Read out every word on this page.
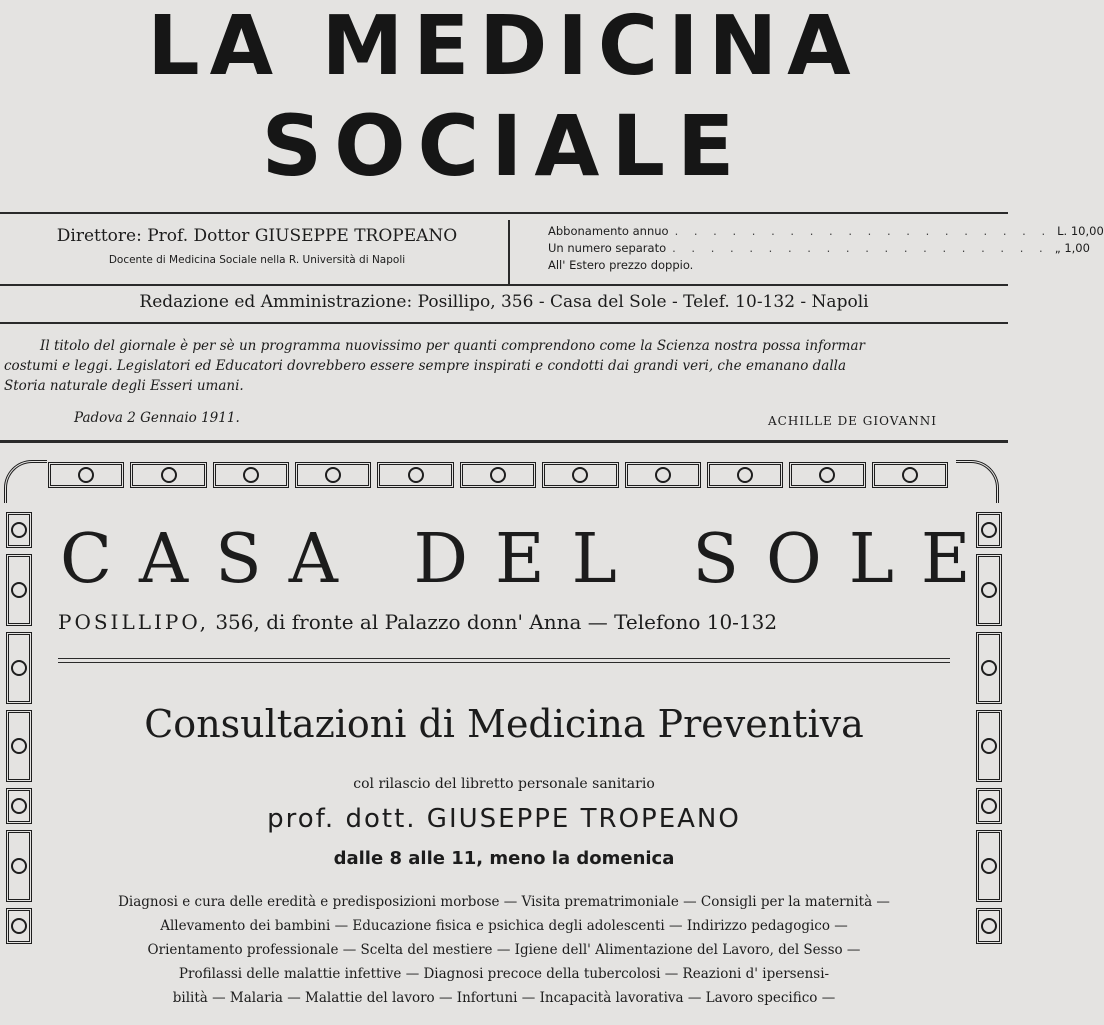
LA MEDICINA
SOCIALE
Direttore: Prof. Dottor GIUSEPPE TROPEANO
Docente di Medicina Sociale nella R. Università di Napoli
Abbonamento annuo . . . . . . . . . . . . . . . . . . . . L. 10,00
Un numero separato . . . . . . . . . . . . . . . . . . . . „ 1,00
All' Estero prezzo doppio.
Redazione ed Amministrazione: Posillipo, 356 - Casa del Sole - Telef. 10-132 - Napoli
Il titolo del giornale è per sè un programma nuovissimo per quanti comprendono come la Scienza nostra possa informar
costumi e leggi. Legislatori ed Educatori dovrebbero essere sempre inspirati e condotti dai grandi veri, che emanano dalla
Storia naturale degli Esseri umani.
Padova 2 Gennaio 1911.	ACHILLE DE GIOVANNI
CASA DEL SOLE
POSILLIPO, 356, di fronte al Palazzo donn' Anna — Telefono 10-132
Consultazioni di Medicina Preventiva
col rilascio del libretto personale sanitario
prof. dott. GIUSEPPE TROPEANO
dalle 8 alle 11, meno la domenica
Diagnosi e cura delle eredità e predisposizioni morbose — Visita prematrimoniale — Consigli per la maternità —
Allevamento dei bambini — Educazione fisica e psichica degli adolescenti — Indirizzo pedagogico —
Orientamento professionale — Scelta del mestiere — Igiene dell' Alimentazione del Lavoro, del Sesso —
Profilassi delle malattie infettive — Diagnosi precoce della tubercolosi — Reazioni d' ipersensi-
bilità — Malaria — Malattie del lavoro — Infortuni — Incapacità lavorativa — Lavoro specifico —
